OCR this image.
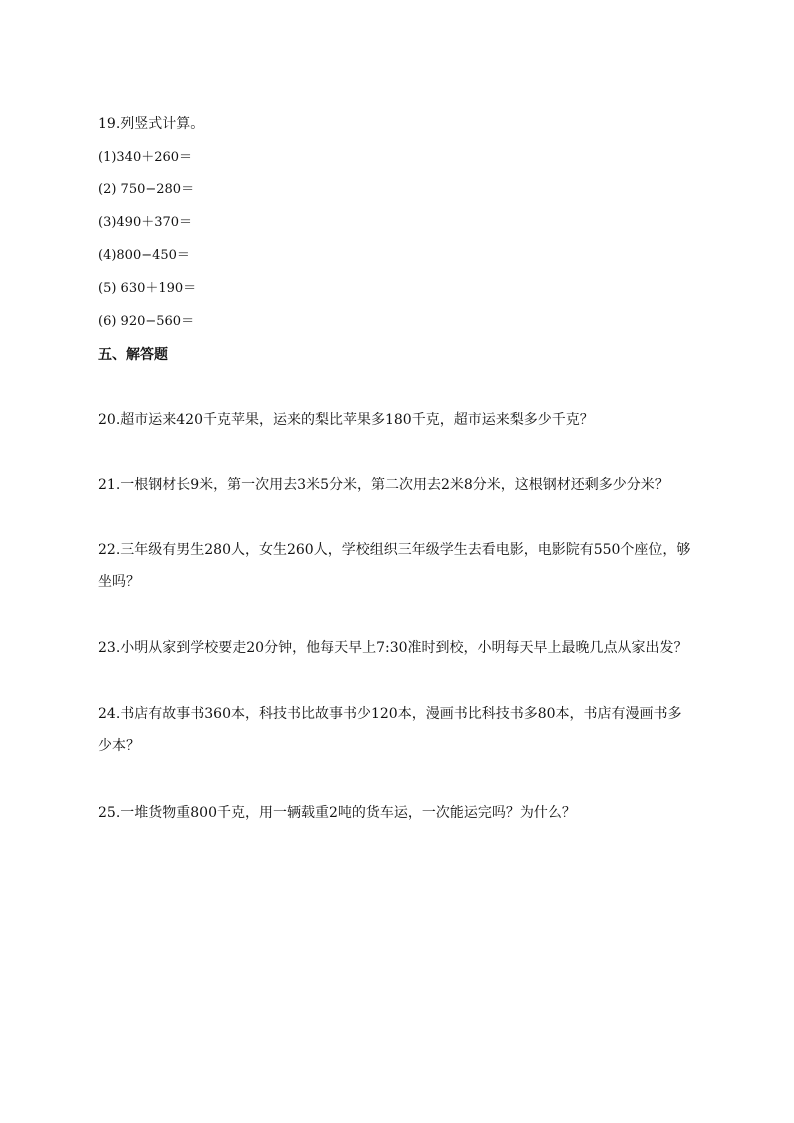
19.列竖式计算。
(1)340＋260＝
(2) 750−280＝
(3)490＋370＝
(4)800−450＝
(5) 630＋190＝
(6) 920−560＝
五、解答题
20.超市运来420千克苹果，运来的梨比苹果多180千克，超市运来梨多少千克？
21.一根钢材长9米，第一次用去3米5分米，第二次用去2米8分米，这根钢材还剩多少分米？
22.三年级有男生280人，女生260人，学校组织三年级学生去看电影，电影院有550个座位，够
坐吗？
23.小明从家到学校要走20分钟，他每天早上7:30准时到校，小明每天早上最晚几点从家出发？
24.书店有故事书360本，科技书比故事书少120本，漫画书比科技书多80本，书店有漫画书多
少本？
25.一堆货物重800千克，用一辆载重2吨的货车运，一次能运完吗？为什么？
